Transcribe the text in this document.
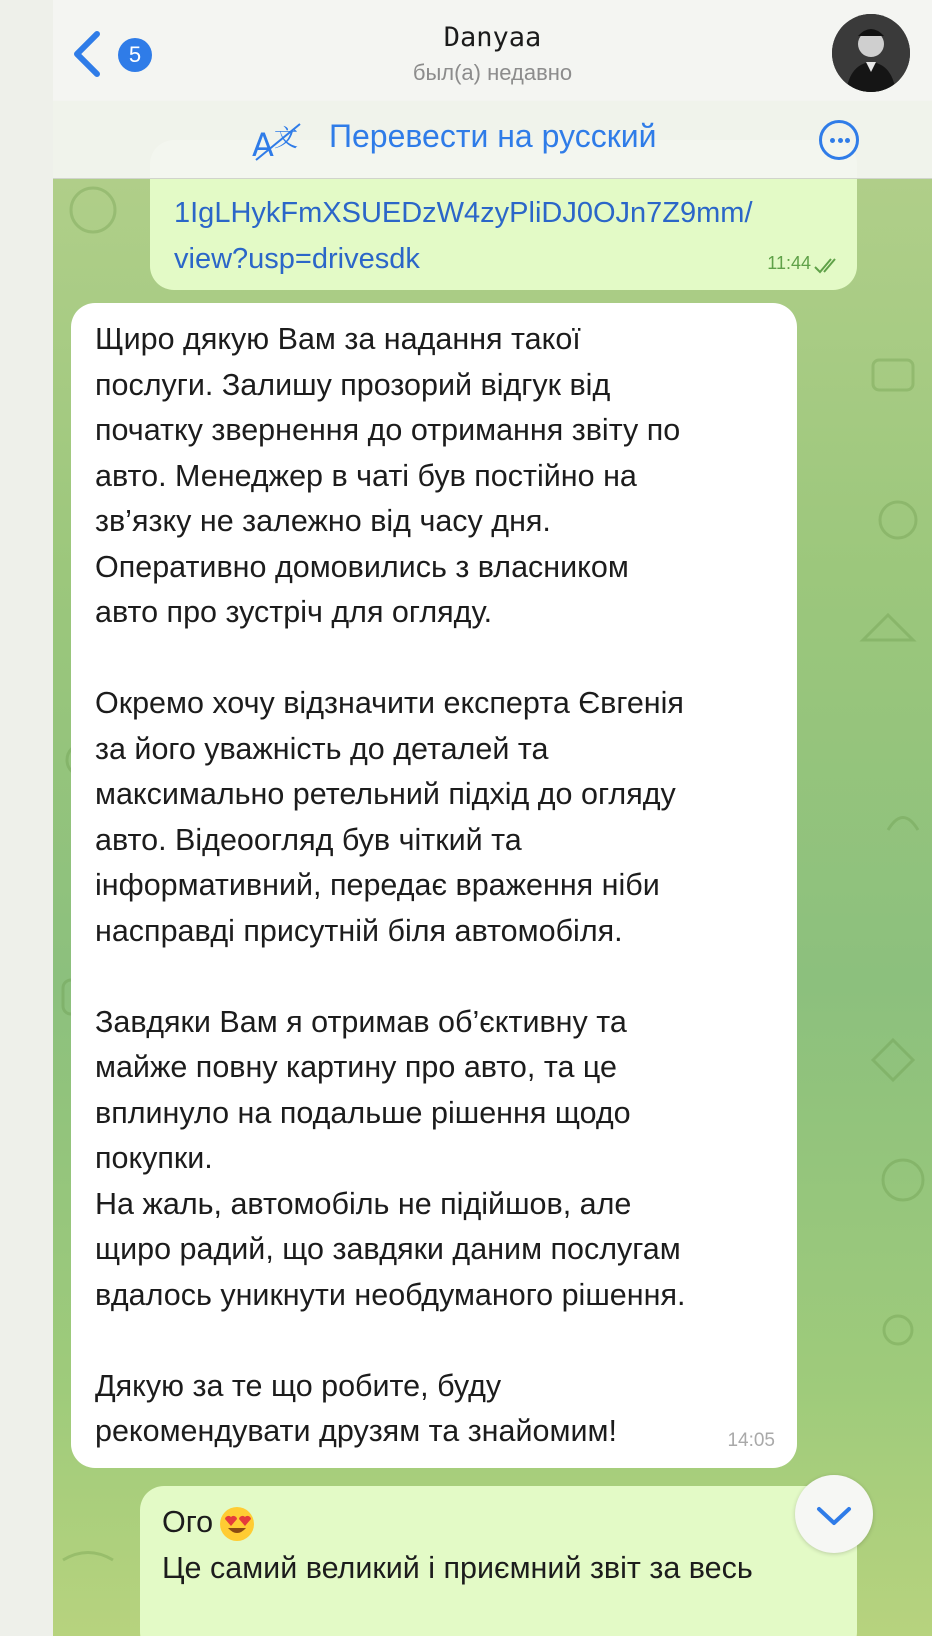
1IgLHykFmXSUEDzW4zyPliDJ0OJn7Z9mm/
view?usp=drivesdk	11:44
5
Danyaa
был(а) недавно
A 文 Перевести на русский
Щиро дякую Вам за надання такої
послуги. Залишу прозорий відгук від
початку звернення до отримання звіту по
авто. Менеджер в чаті був постійно на
зв’язку не залежно від часу дня.
Оперативно домовились з власником
авто про зустріч для огляду.

Окремо хочу відзначити експерта Євгенія
за його уважність до деталей та
максимально ретельний підхід до огляду
авто. Відеоогляд був чіткий та
інформативний, передає враження ніби
насправді присутній біля автомобіля.

Завдяки Вам я отримав об’єктивну та
майже повну картину про авто, та це
вплинуло на подальше рішення щодо
покупки.
На жаль, автомобіль не підійшов, але
щиро радий, що завдяки даним послугам
вдалось уникнути необдуманого рішення.

Дякую за те що робите, буду
рекомендувати друзям та знайомим!	14:05
Ого
Це самий великий і приємний звіт за весь
